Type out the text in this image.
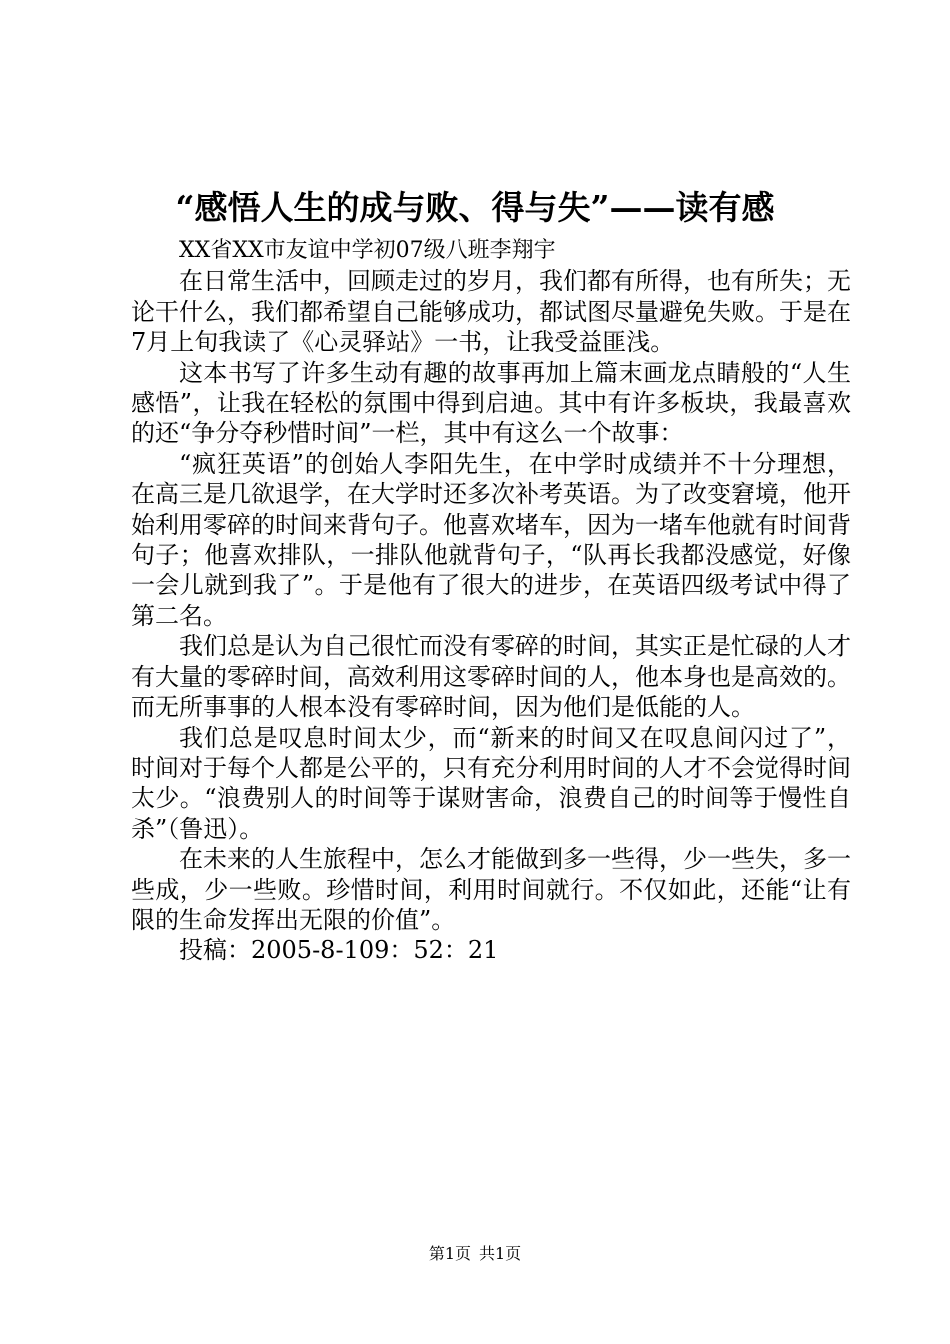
“感悟人生的成与败、得与失”——读有感

XX省XX市友谊中学初07级八班李翔宇

在日常生活中，回顾走过的岁月，我们都有所得，也有所失；无论干什么，我们都希望自己能够成功，都试图尽量避免失败。于是在7月上旬我读了《心灵驿站》一书，让我受益匪浅。

这本书写了许多生动有趣的故事再加上篇末画龙点睛般的“人生感悟”，让我在轻松的氛围中得到启迪。其中有许多板块，我最喜欢的还“争分夺秒惜时间”一栏，其中有这么一个故事：

“疯狂英语”的创始人李阳先生，在中学时成绩并不十分理想，在高三是几欲退学，在大学时还多次补考英语。为了改变窘境，他开始利用零碎的时间来背句子。他喜欢堵车，因为一堵车他就有时间背句子；他喜欢排队，一排队他就背句子，“队再长我都没感觉，好像一会儿就到我了”。于是他有了很大的进步，在英语四级考试中得了第二名。

我们总是认为自己很忙而没有零碎的时间，其实正是忙碌的人才有大量的零碎时间，高效利用这零碎时间的人，他本身也是高效的。而无所事事的人根本没有零碎时间，因为他们是低能的人。

我们总是叹息时间太少，而“新来的时间又在叹息间闪过了”，时间对于每个人都是公平的，只有充分利用时间的人才不会觉得时间太少。“浪费别人的时间等于谋财害命，浪费自己的时间等于慢性自杀”（鲁迅）。

在未来的人生旅程中，怎么才能做到多一些得，少一些失，多一些成，少一些败。珍惜时间，利用时间就行。不仅如此，还能“让有限的生命发挥出无限的价值”。

投稿：2005-8-109：52：21

第1页 共1页
